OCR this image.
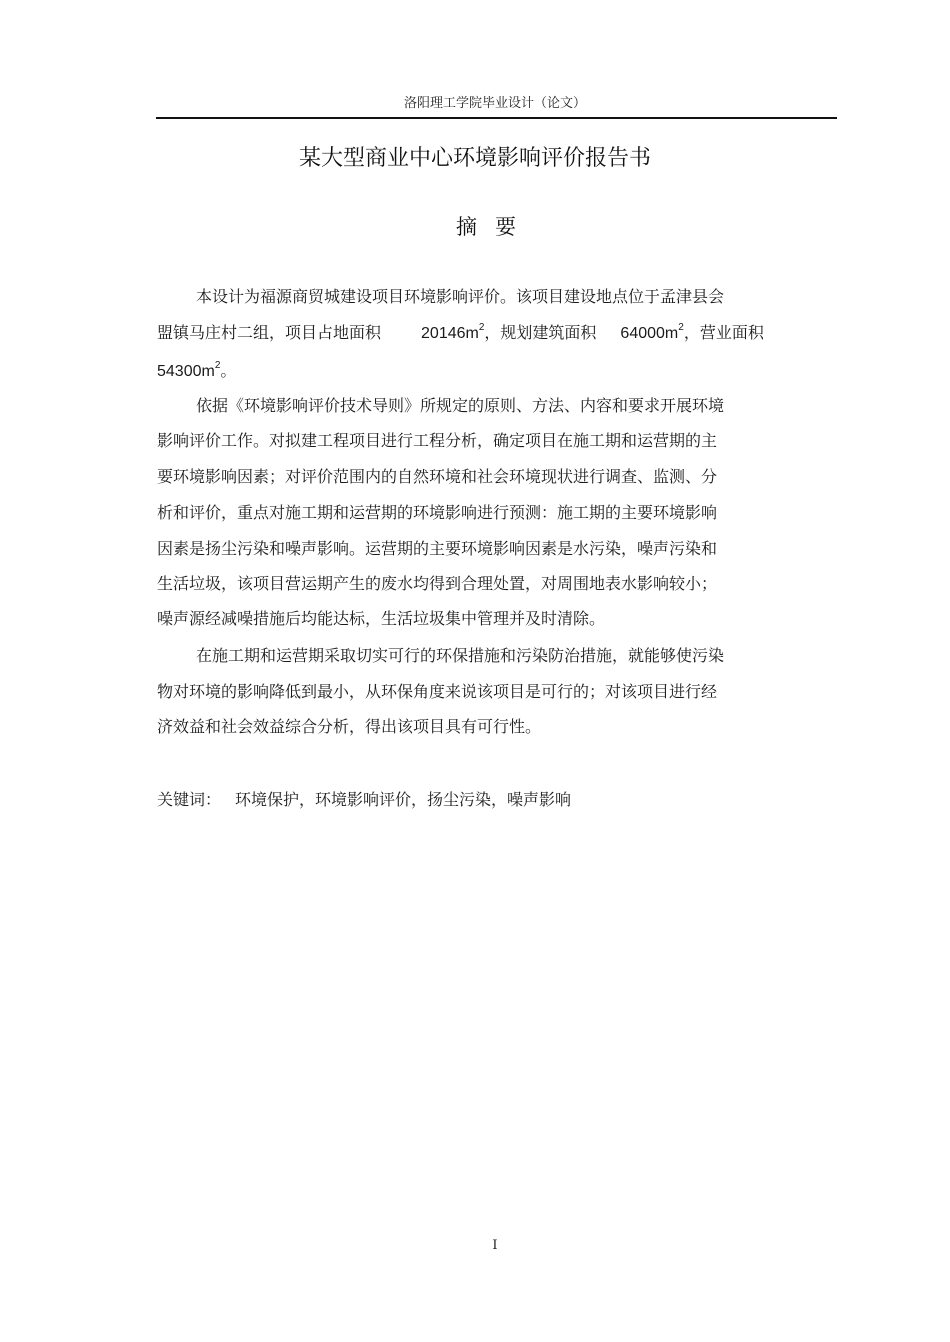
洛阳理工学院毕业设计（论文）
某大型商业中心环境影响评价报告书
摘要
本设计为福源商贸城建设项目环境影响评价。该项目建设地点位于孟津县会
盟镇马庄村二组，项目占地面积	$20146m^2$，规划建筑面积 $64000m^2$，营业面积
$54300m^2$。
依据《环境影响评价技术导则》所规定的原则、方法、内容和要求开展环境
影响评价工作。对拟建工程项目进行工程分析，确定项目在施工期和运营期的主
要环境影响因素；对评价范围内的自然环境和社会环境现状进行调查、监测、分
析和评价，重点对施工期和运营期的环境影响进行预测：施工期的主要环境影响
因素是扬尘污染和噪声影响。运营期的主要环境影响因素是水污染，噪声污染和
生活垃圾，该项目营运期产生的废水均得到合理处置，对周围地表水影响较小；
噪声源经减噪措施后均能达标，生活垃圾集中管理并及时清除。
在施工期和运营期采取切实可行的环保措施和污染防治措施，就能够使污染
物对环境的影响降低到最小，从环保角度来说该项目是可行的；对该项目进行经
济效益和社会效益综合分析，得出该项目具有可行性。
关键词： 环境保护，环境影响评价，扬尘污染，噪声影响
I
